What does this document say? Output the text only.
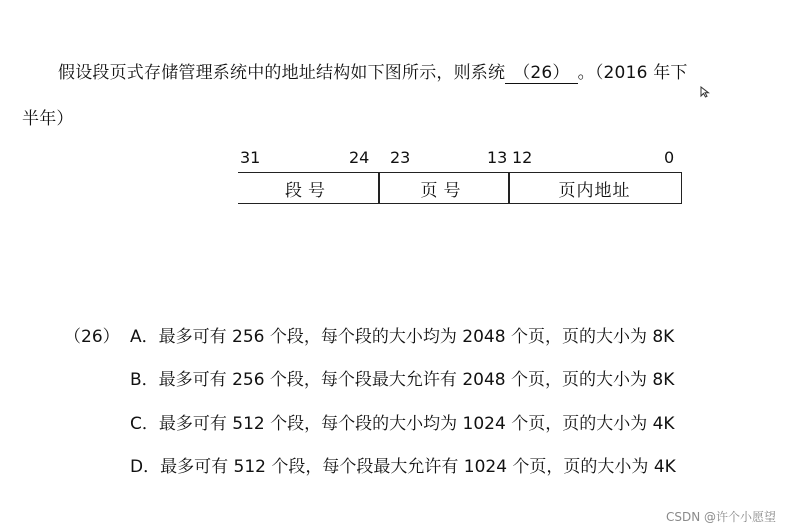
假设段页式存储管理系统中的地址结构如下图所示，则系统 （26） 。（2016 年下
半年）
31	24 23	13 12	0
段号	页号	页内地址
（26） A．最多可有 256 个段，每个段的大小均为 2048 个页，页的大小为 8K
B．最多可有 256 个段，每个段最大允许有 2048 个页，页的大小为 8K
C．最多可有 512 个段，每个段的大小均为 1024 个页，页的大小为 4K
D．最多可有 512 个段，每个段最大允许有 1024 个页，页的大小为 4K
CSDN @许个小愿望
